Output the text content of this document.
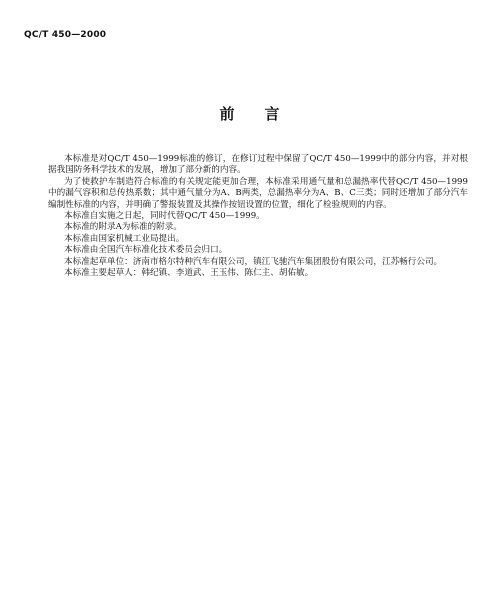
QC/T 450—2000
前言

本标准是对QC/T 450—1999标准的修订，在修订过程中保留了QC/T 450—1999中的部分内容，并对根据我国防务科学技术的发展，增加了部分新的内容。

为了使救护车制造符合标准的有关规定能更加合理，本标准采用通气量和总漏热率代替QC/T 450—1999中的漏气容积和总传热系数；其中通气量分为A、B两类，总漏热率分为A、B、C三类；同时还增加了部分汽车编制性标准的内容，并明确了警报装置及其操作按钮设置的位置，细化了检验规则的内容。

本标准自实施之日起，同时代替QC/T 450—1999。

本标准的附录A为标准的附录。

本标准由国家机械工业局提出。

本标准由全国汽车标准化技术委员会归口。

本标准起草单位：济南市格尔特种汽车有限公司，镇江飞驰汽车集团股份有限公司，江苏畅行公司。

本标准主要起草人：韩纪镇、李道武、王玉伟、陈仁主、胡佑敏。
